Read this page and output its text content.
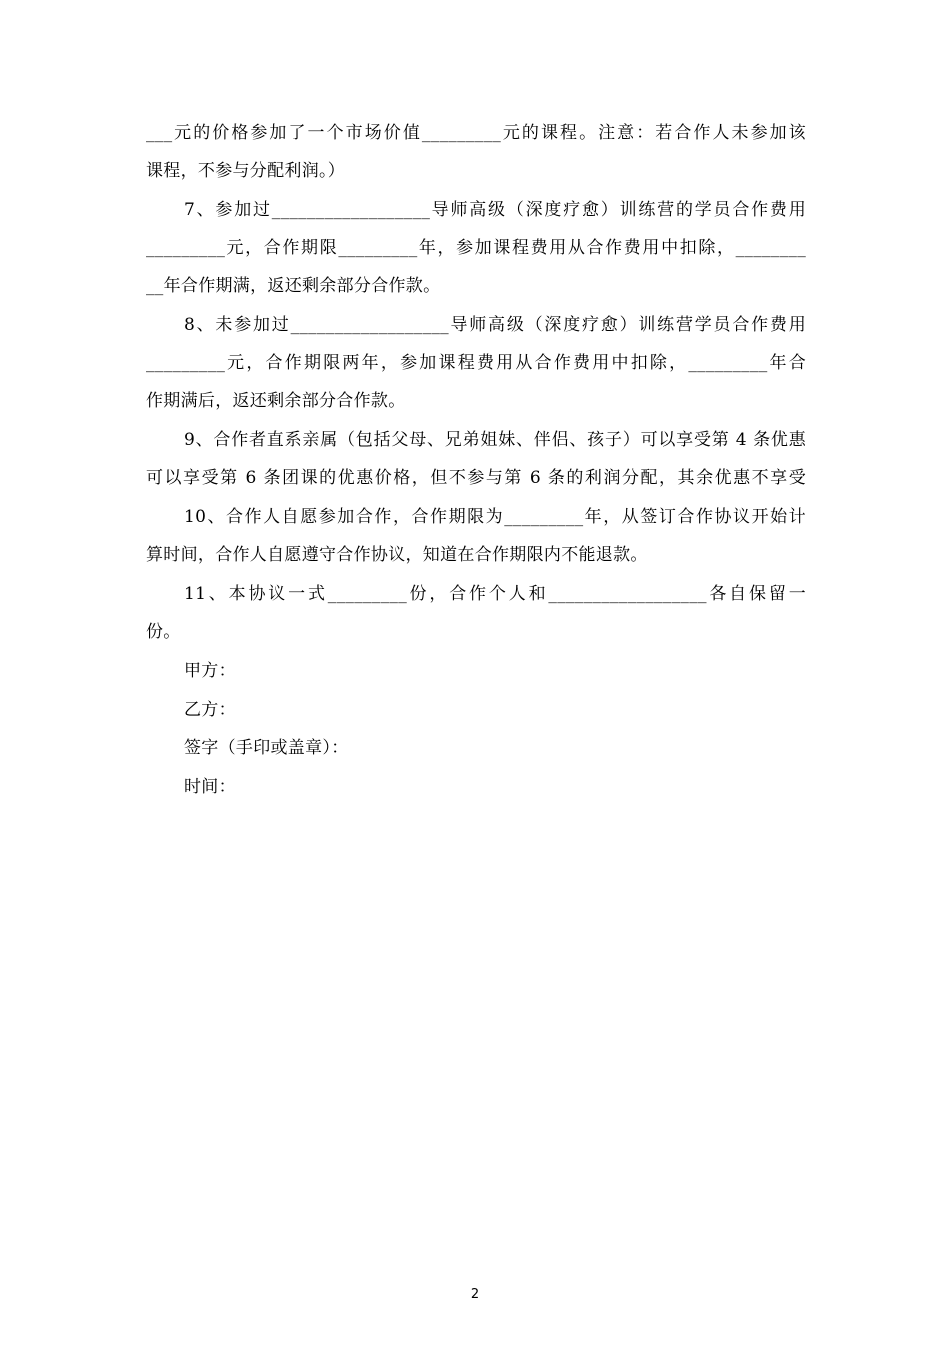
___元的价格参加了一个市场价值_________元的课程。注意：若合作人未参加该
课程，不参与分配利润。）
7、参加过__________________导师高级（深度疗愈）训练营的学员合作费用
_________元，合作期限_________年，参加课程费用从合作费用中扣除，________
__年合作期满，返还剩余部分合作款。
8、未参加过__________________导师高级（深度疗愈）训练营学员合作费用
_________元，合作期限两年，参加课程费用从合作费用中扣除，_________年合
作期满后，返还剩余部分合作款。
9、合作者直系亲属（包括父母、兄弟姐妹、伴侣、孩子）可以享受第 4 条优惠
可以享受第 6 条团课的优惠价格，但不参与第 6 条的利润分配，其余优惠不享受
10、合作人自愿参加合作，合作期限为_________年，从签订合作协议开始计
算时间，合作人自愿遵守合作协议，知道在合作期限内不能退款。
11、本协议一式_________份，合作个人和__________________各自保留一
份。
甲方：
乙方：
签字（手印或盖章）：
时间：
2
